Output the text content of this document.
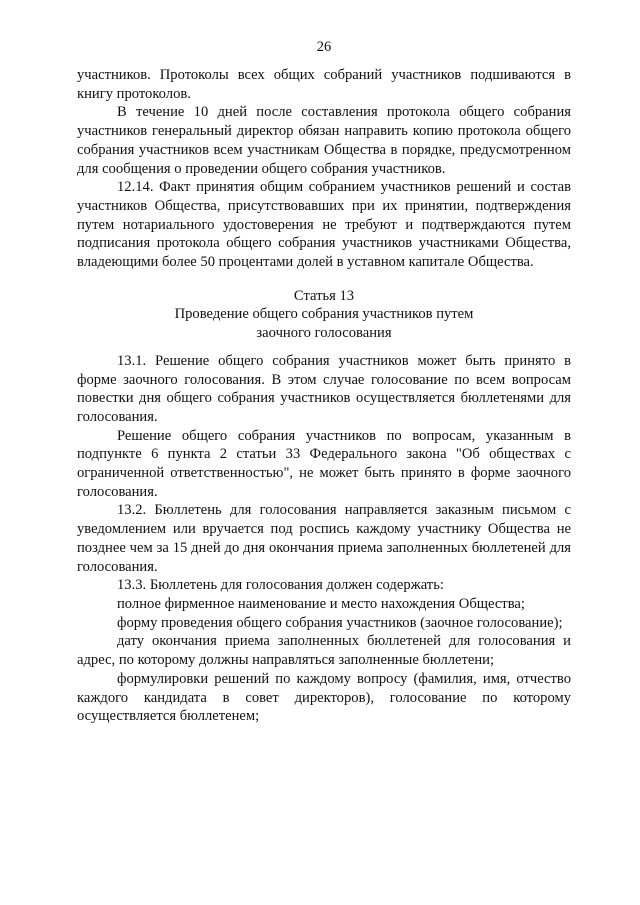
26

участников. Протоколы всех общих собраний участников подшиваются в книгу протоколов.

В течение 10 дней после составления протокола общего собрания участников генеральный директор обязан направить копию протокола общего собрания участников всем участникам Общества в порядке, предусмотренном для сообщения о проведении общего собрания участников.

12.14. Факт принятия общим собранием участников решений и состав участников Общества, присутствовавших при их принятии, подтверждения путем нотариального удостоверения не требуют и подтверждаются путем подписания протокола общего собрания участников участниками Общества, владеющими более 50 процентами долей в уставном капитале Общества.

Статья 13
Проведение общего собрания участников путем
заочного голосования

13.1. Решение общего собрания участников может быть принято в форме заочного голосования. В этом случае голосование по всем вопросам повестки дня общего собрания участников осуществляется бюллетенями для голосования.

Решение общего собрания участников по вопросам, указанным в подпункте 6 пункта 2 статьи 33 Федерального закона "Об обществах с ограниченной ответственностью", не может быть принято в форме заочного голосования.

13.2. Бюллетень для голосования направляется заказным письмом с уведомлением или вручается под роспись каждому участнику Общества не позднее чем за 15 дней до дня окончания приема заполненных бюллетеней для голосования.

13.3. Бюллетень для голосования должен содержать:

полное фирменное наименование и место нахождения Общества;

форму проведения общего собрания участников (заочное голосование);

дату окончания приема заполненных бюллетеней для голосования и адрес, по которому должны направляться заполненные бюллетени;

формулировки решений по каждому вопросу (фамилия, имя, отчество каждого кандидата в совет директоров), голосование по которому осуществляется бюллетенем;
